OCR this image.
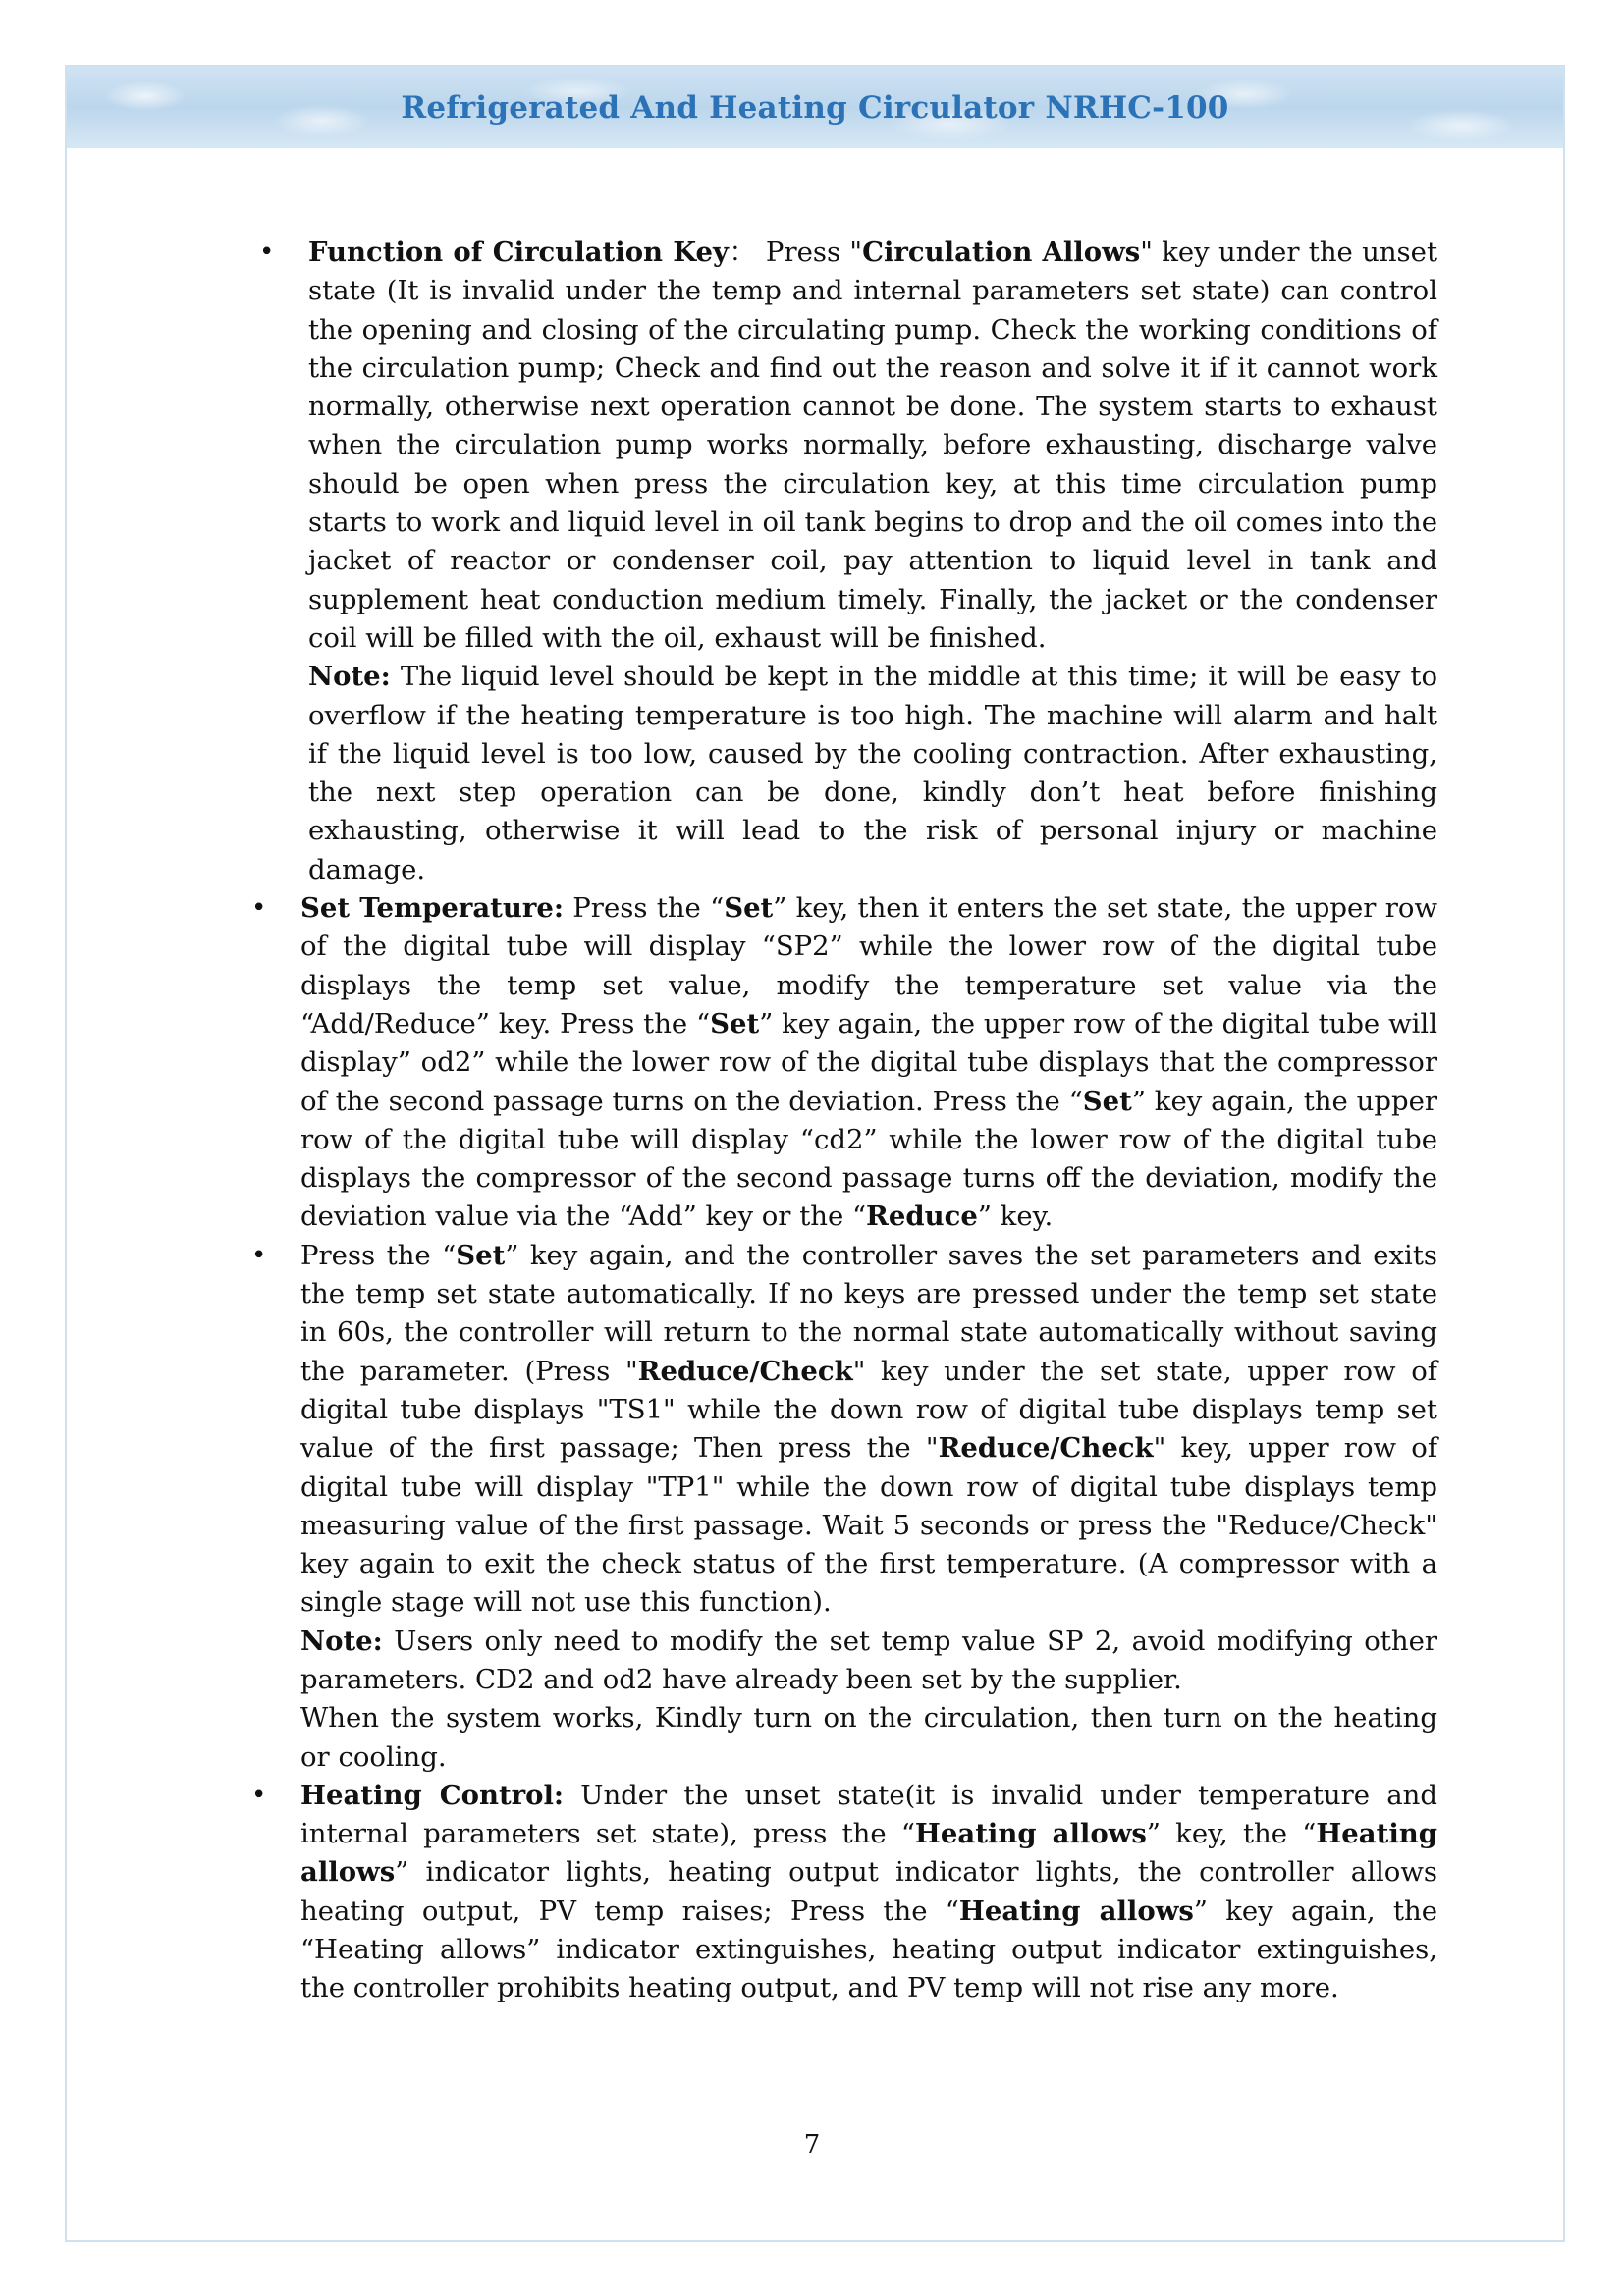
Refrigerated And Heating Circulator NRHC-100
• Function of Circulation Key： Press "Circulation Allows" key under the unset state (It is invalid under the temp and internal parameters set state) can control the opening and closing of the circulating pump. Check the working conditions of the circulation pump; Check and find out the reason and solve it if it cannot work normally, otherwise next operation cannot be done. The system starts to exhaust when the circulation pump works normally, before exhausting, discharge valve should be open when press the circulation key, at this time circulation pump starts to work and liquid level in oil tank begins to drop and the oil comes into the jacket of reactor or condenser coil, pay attention to liquid level in tank and supplement heat conduction medium timely. Finally, the jacket or the condenser coil will be filled with the oil, exhaust will be finished.

Note: The liquid level should be kept in the middle at this time; it will be easy to overflow if the heating temperature is too high. The machine will alarm and halt if the liquid level is too low, caused by the cooling contraction. After exhausting, the next step operation can be done, kindly don’t heat before finishing exhausting, otherwise it will lead to the risk of personal injury or machine damage.

• Set Temperature: Press the “Set” key, then it enters the set state, the upper row of the digital tube will display “SP2” while the lower row of the digital tube displays the temp set value, modify the temperature set value via the “Add/Reduce” key. Press the “Set” key again, the upper row of the digital tube will display” od2” while the lower row of the digital tube displays that the compressor of the second passage turns on the deviation. Press the “Set” key again, the upper row of the digital tube will display “cd2” while the lower row of the digital tube displays the compressor of the second passage turns off the deviation, modify the deviation value via the “Add” key or the “Reduce” key.

• Press the “Set” key again, and the controller saves the set parameters and exits the temp set state automatically. If no keys are pressed under the temp set state in 60s, the controller will return to the normal state automatically without saving the parameter. (Press "Reduce/Check" key under the set state, upper row of digital tube displays "TS1" while the down row of digital tube displays temp set value of the first passage; Then press the "Reduce/Check" key, upper row of digital tube will display "TP1" while the down row of digital tube displays temp measuring value of the first passage. Wait 5 seconds or press the "Reduce/Check" key again to exit the check status of the first temperature. (A compressor with a single stage will not use this function).

Note: Users only need to modify the set temp value SP 2, avoid modifying other parameters. CD2 and od2 have already been set by the supplier.

When the system works, Kindly turn on the circulation, then turn on the heating or cooling.

• Heating Control: Under the unset state(it is invalid under temperature and internal parameters set state), press the “Heating allows” key, the “Heating allows” indicator lights, heating output indicator lights, the controller allows heating output, PV temp raises; Press the “Heating allows” key again, the “Heating allows” indicator extinguishes, heating output indicator extinguishes, the controller prohibits heating output, and PV temp will not rise any more.

7
